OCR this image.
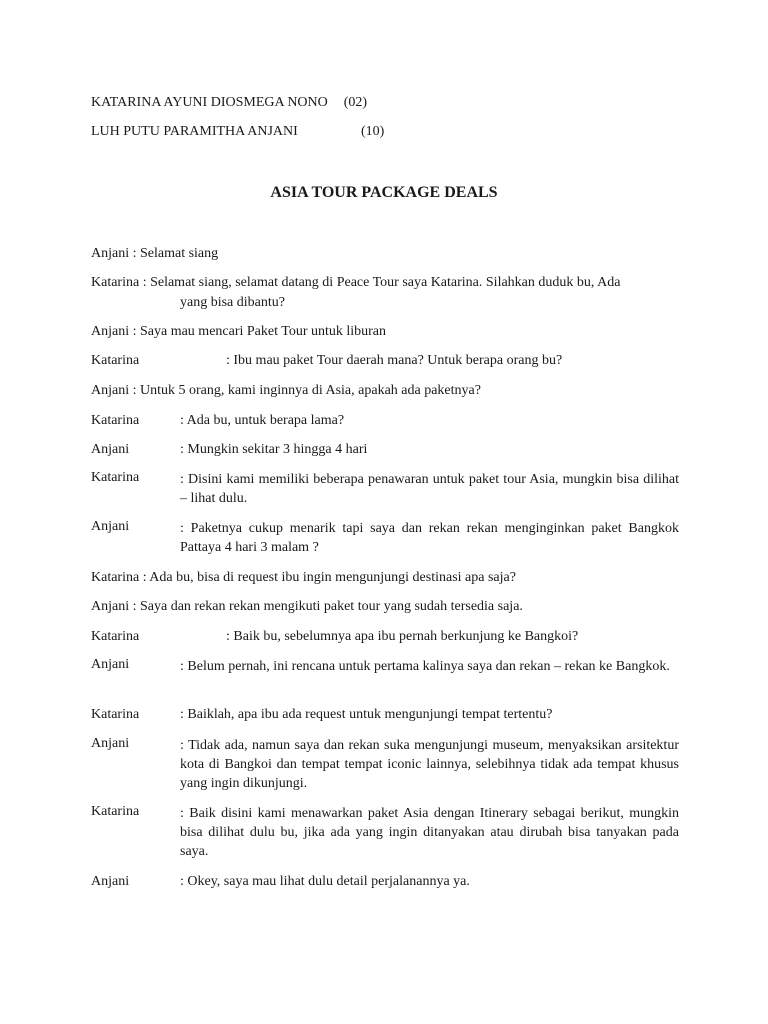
KATARINA AYUNI DIOSMEGA NONO (02)
LUH PUTU PARAMITHA ANJANI	(10)
ASIA TOUR PACKAGE DEALS
Anjani : Selamat siang
Katarina : Selamat siang, selamat datang di Peace Tour saya Katarina. Silahkan duduk bu, Ada
yang bisa dibantu?
Anjani : Saya mau mencari Paket Tour untuk liburan
Katarina	: Ibu mau paket Tour daerah mana? Untuk berapa orang bu?
Anjani : Untuk 5 orang, kami inginnya di Asia, apakah ada paketnya?
Katarina	: Ada bu, untuk berapa lama?
Anjani	: Mungkin sekitar 3 hingga 4 hari
Katarina	: Disini kami memiliki beberapa penawaran untuk paket tour Asia, mungkin bisa dilihat – lihat dulu.
Anjani	: Paketnya cukup menarik tapi saya dan rekan rekan menginginkan paket Bangkok Pattaya 4 hari 3 malam ?
Katarina : Ada bu, bisa di request ibu ingin mengunjungi destinasi apa saja?
Anjani : Saya dan rekan rekan mengikuti paket tour yang sudah tersedia saja.
Katarina	: Baik bu, sebelumnya apa ibu pernah berkunjung ke Bangkoi?
Anjani	: Belum pernah, ini rencana untuk pertama kalinya saya dan rekan – rekan ke Bangkok.
Katarina	: Baiklah, apa ibu ada request untuk mengunjungi tempat tertentu?
Anjani	: Tidak ada, namun saya dan rekan suka mengunjungi museum, menyaksikan arsitektur kota di Bangkoi dan tempat tempat iconic lainnya, selebihnya tidak ada tempat khusus yang ingin dikunjungi.
Katarina	: Baik disini kami menawarkan paket Asia dengan Itinerary sebagai berikut, mungkin bisa dilihat dulu bu, jika ada yang ingin ditanyakan atau dirubah bisa tanyakan pada saya.
Anjani	: Okey, saya mau lihat dulu detail perjalanannya ya.
